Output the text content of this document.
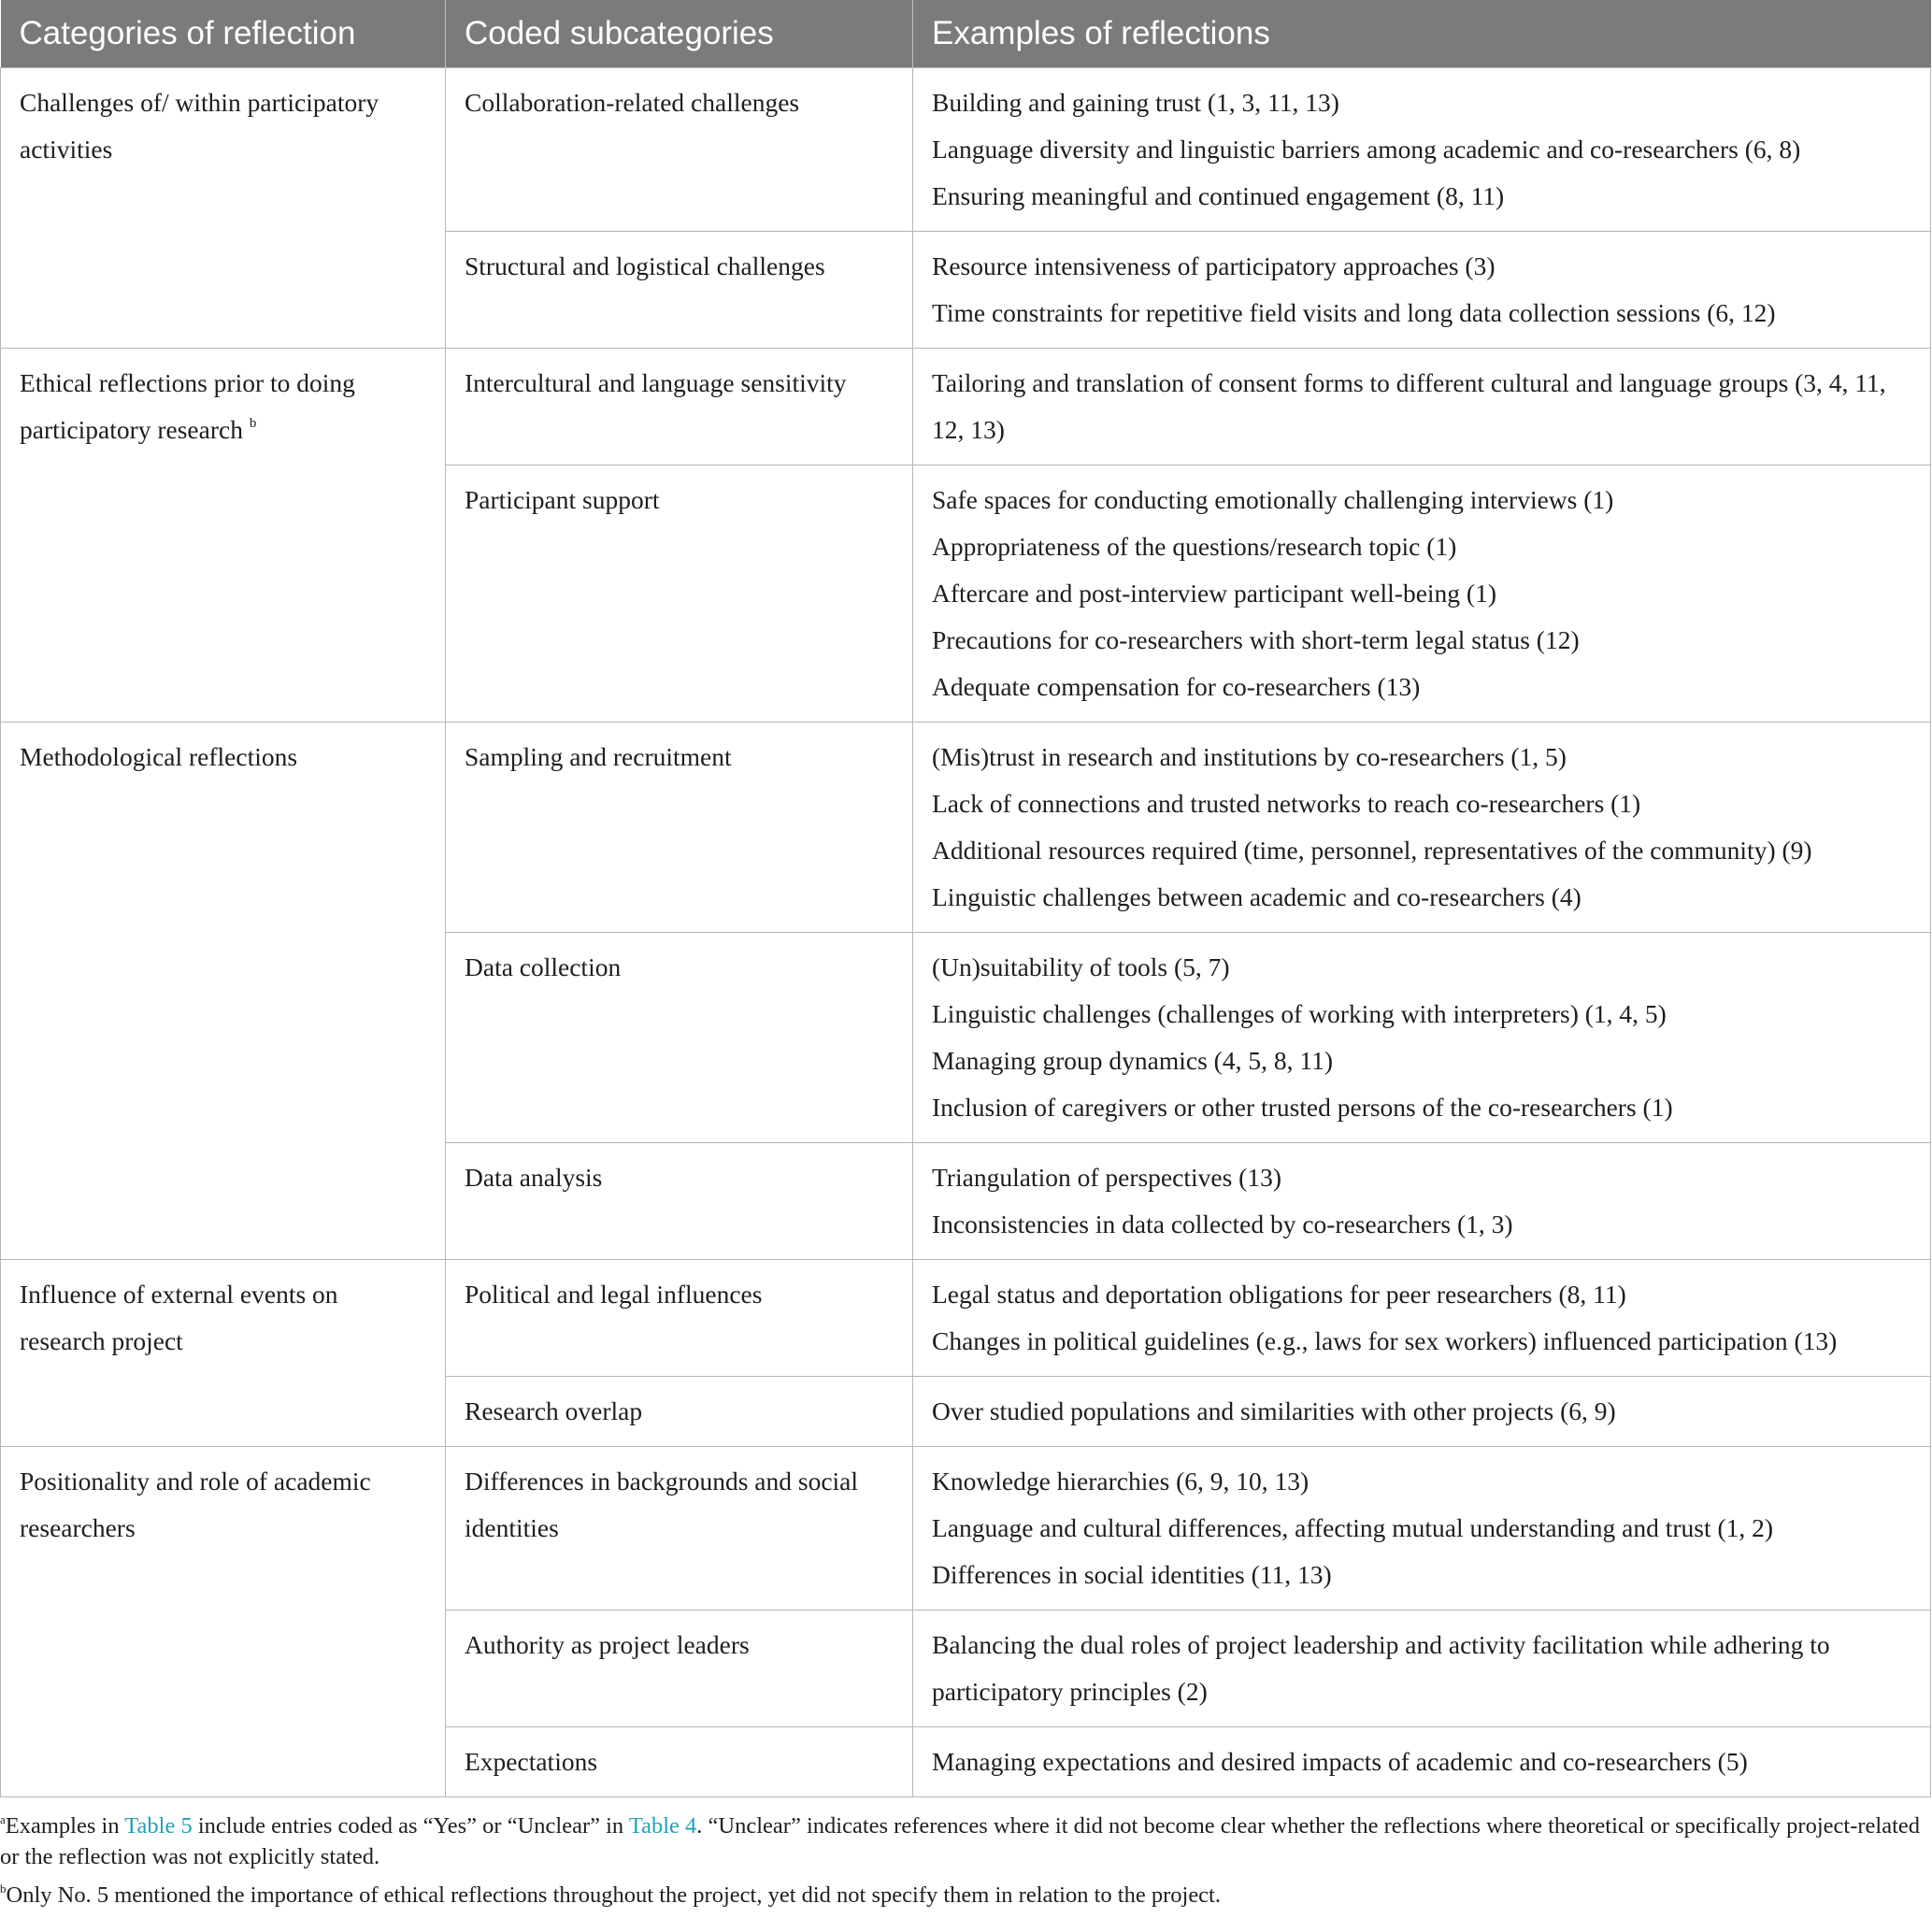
Categories of reflection	Coded subcategories	Examples of reflections
Challenges of/ within participatory activities	Collaboration-related challenges	Building and gaining trust (1, 3, 11, 13)
Language diversity and linguistic barriers among academic and co-researchers (6, 8)
Ensuring meaningful and continued engagement (8, 11)

	Structural and logistical challenges	Resource intensiveness of participatory approaches (3)
Time constraints for repetitive field visits and long data collection sessions (6, 12)

Ethical reflections prior to doing participatory research $^b$	Intercultural and language sensitivity	Tailoring and translation of consent forms to different cultural and language groups (3, 4, 11, 12, 13)

	Participant support	Safe spaces for conducting emotionally challenging interviews (1)
Appropriateness of the questions/research topic (1)
Aftercare and post-interview participant well-being (1)
Precautions for co-researchers with short-term legal status (12)
Adequate compensation for co-researchers (13)

Methodological reflections	Sampling and recruitment	(Mis)trust in research and institutions by co-researchers (1, 5)
Lack of connections and trusted networks to reach co-researchers (1)
Additional resources required (time, personnel, representatives of the community) (9)
Linguistic challenges between academic and co-researchers (4)

	Data collection	(Un)suitability of tools (5, 7)
Linguistic challenges (challenges of working with interpreters) (1, 4, 5)
Managing group dynamics (4, 5, 8, 11)
Inclusion of caregivers or other trusted persons of the co-researchers (1)

	Data analysis	Triangulation of perspectives (13)
Inconsistencies in data collected by co-researchers (1, 3)

Influence of external events on research project	Political and legal influences	Legal status and deportation obligations for peer researchers (8, 11)
Changes in political guidelines (e.g., laws for sex workers) influenced participation (13)

	Research overlap	Over studied populations and similarities with other projects (6, 9)

Positionality and role of academic researchers	Differences in backgrounds and social identities	Knowledge hierarchies (6, 9, 10, 13)
Language and cultural differences, affecting mutual understanding and trust (1, 2)
Differences in social identities (11, 13)

	Authority as project leaders	Balancing the dual roles of project leadership and activity facilitation while adhering to participatory principles (2)

	Expectations	Managing expectations and desired impacts of academic and co-researchers (5)

$^a$Examples in Table 5 include entries coded as “Yes” or “Unclear” in Table 4. “Unclear” indicates references where it did not become clear whether the reflections where theoretical or specifically project-related or the reflection was not explicitly stated.

$^b$Only No. 5 mentioned the importance of ethical reflections throughout the project, yet did not specify them in relation to the project.
